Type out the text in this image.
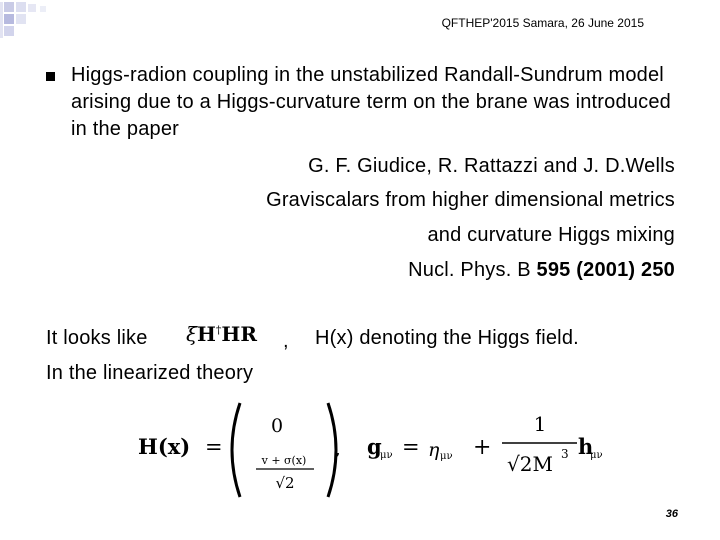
QFTHEP'2015 Samara, 26 June 2015
Higgs-radion coupling in the unstabilized Randall-Sundrum model arising due to a Higgs-curvature term on the brane was introduced in the paper
G. F. Giudice, R. Rattazzi and J. D.Wells
Graviscalars from higher dimensional metrics
and curvature Higgs mixing
Nucl. Phys. B 595 (2001) 250
It looks like ξH†HR , H(x) denoting the Higgs field.
In the linearized theory
H(x) =
0
v + σ(x)
√2
, g
μν = η μν +
1
√2M 3 h
μν
36
